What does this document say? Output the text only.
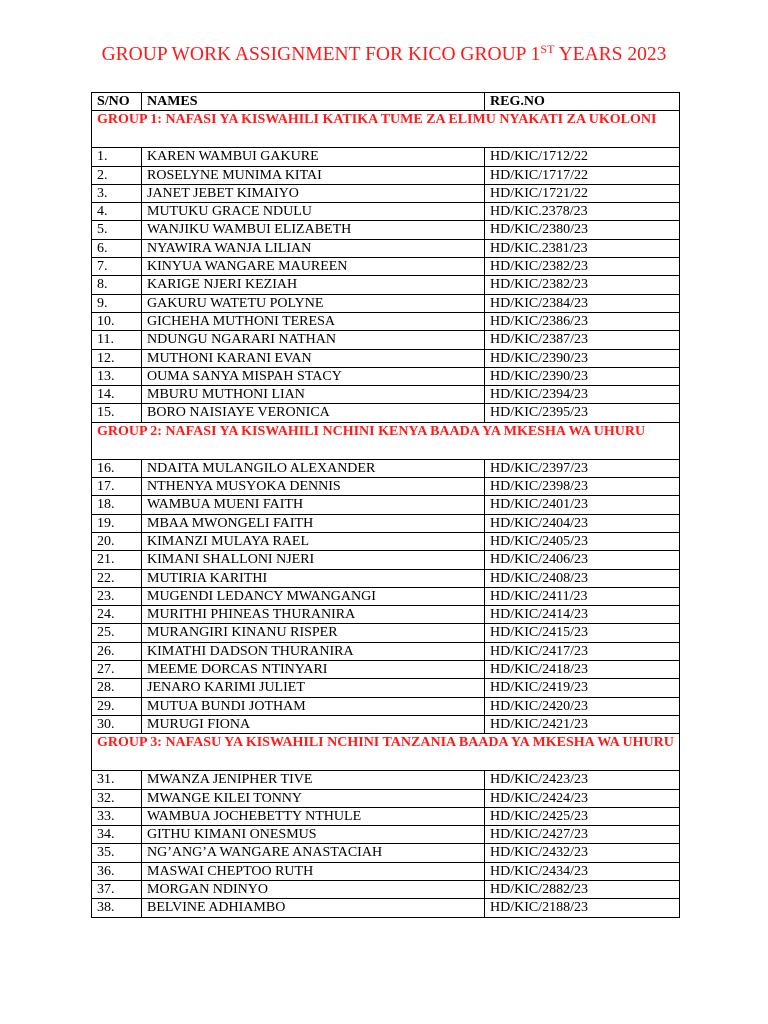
GROUP WORK ASSIGNMENT FOR KICO GROUP 1ST YEARS 2023
S/NO	NAMES	REG.NO
GROUP 1: NAFASI YA KISWAHILI KATIKA TUME ZA ELIMU NYAKATI ZA UKOLONI		
1.	KAREN WAMBUI GAKURE	HD/KIC/1712/22
2.	ROSELYNE MUNIMA KITAI	HD/KIC/1717/22
3.	JANET JEBET KIMAIYO	HD/KIC/1721/22
4.	MUTUKU GRACE NDULU	HD/KIC.2378/23
5.	WANJIKU WAMBUI ELIZABETH	HD/KIC/2380/23
6.	NYAWIRA WANJA LILIAN	HD/KIC.2381/23
7.	KINYUA WANGARE MAUREEN	HD/KIC/2382/23
8.	KARIGE NJERI KEZIAH	HD/KIC/2382/23
9.	GAKURU WATETU POLYNE	HD/KIC/2384/23
10.	GICHEHA MUTHONI TERESA	HD/KIC/2386/23
11.	NDUNGU NGARARI NATHAN	HD/KIC/2387/23
12.	MUTHONI KARANI EVAN	HD/KIC/2390/23
13.	OUMA SANYA MISPAH STACY	HD/KIC/2390/23
14.	MBURU MUTHONI LIAN	HD/KIC/2394/23
15.	BORO NAISIAYE VERONICA	HD/KIC/2395/23
GROUP 2: NAFASI YA KISWAHILI NCHINI KENYA BAADA YA MKESHA WA UHURU		
16.	NDAITA MULANGILO ALEXANDER	HD/KIC/2397/23
17.	NTHENYA MUSYOKA DENNIS	HD/KIC/2398/23
18.	WAMBUA MUENI FAITH	HD/KIC/2401/23
19.	MBAA MWONGELI FAITH	HD/KIC/2404/23
20.	KIMANZI MULAYA RAEL	HD/KIC/2405/23
21.	KIMANI SHALLONI NJERI	HD/KIC/2406/23
22.	MUTIRIA KARITHI	HD/KIC/2408/23
23.	MUGENDI LEDANCY MWANGANGI	HD/KIC/2411/23
24.	MURITHI PHINEAS THURANIRA	HD/KIC/2414/23
25.	MURANGIRI KINANU RISPER	HD/KIC/2415/23
26.	KIMATHI DADSON THURANIRA	HD/KIC/2417/23
27.	MEEME DORCAS NTINYARI	HD/KIC/2418/23
28.	JENARO KARIMI JULIET	HD/KIC/2419/23
29.	MUTUA BUNDI JOTHAM	HD/KIC/2420/23
30.	MURUGI FIONA	HD/KIC/2421/23
GROUP 3: NAFASU YA KISWAHILI NCHINI TANZANIA BAADA YA MKESHA WA UHURU		
31.	MWANZA JENIPHER TIVE	HD/KIC/2423/23
32.	MWANGE KILEI TONNY	HD/KIC/2424/23
33.	WAMBUA JOCHEBETTY NTHULE	HD/KIC/2425/23
34.	GITHU KIMANI ONESMUS	HD/KIC/2427/23
35.	NG’ANG’A WANGARE ANASTACIAH	HD/KIC/2432/23
36.	MASWAI CHEPTOO RUTH	HD/KIC/2434/23
37.	MORGAN NDINYO	HD/KIC/2882/23
38.	BELVINE ADHIAMBO	HD/KIC/2188/23
